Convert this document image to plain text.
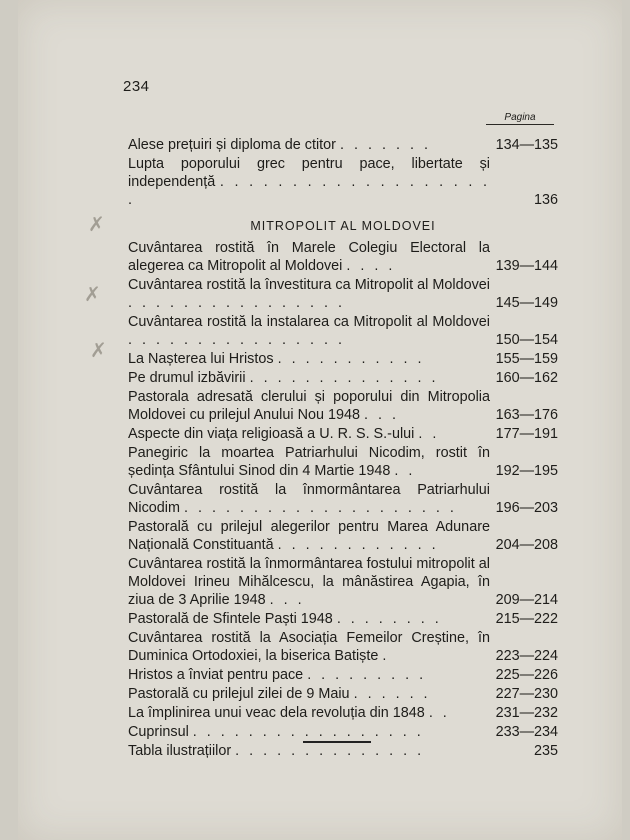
234
Pagina
✗
✗
✗
Alese prețuiri și diploma de ctitor . . . . . . .	134—135
Lupta poporului grec pentru pace, libertate și independență . . . . . . . . . . . . . . . . . . . .	136
MITROPOLIT AL MOLDOVEI
Cuvântarea rostită în Marele Colegiu Electoral la alegerea ca Mitropolit al Moldovei . . . .	139—144
Cuvântarea rostită la învestitura ca Mitropolit al Moldovei . . . . . . . . . . . . . . . .	145—149
Cuvântarea rostită la instalarea ca Mitropolit al Moldovei . . . . . . . . . . . . . . . .	150—154
La Nașterea lui Hristos . . . . . . . . . . .	155—159
Pe drumul izbăvirii . . . . . . . . . . . . . .	160—162
Pastorala adresată clerului și poporului din Mitropolia Moldovei cu prilejul Anului Nou 1948 . . .	163—176
Aspecte din viața religioasă a U. R. S. S.-ului . .	177—191
Panegiric la moartea Patriarhului Nicodim, rostit în ședința Sfântului Sinod din 4 Martie 1948 . .	192—195
Cuvântarea rostită la înmormântarea Patriarhului Nicodim . . . . . . . . . . . . . . . . . . . .	196—203
Pastorală cu prilejul alegerilor pentru Marea Adunare Națională Constituantă . . . . . . . . . . . .	204—208
Cuvântarea rostită la înmormântarea fostului mitropolit al Moldovei Irineu Mihălcescu, la mânăstirea Agapia, în ziua de 3 Aprilie 1948 . . .	209—214
Pastorală de Sfintele Paști 1948 . . . . . . . .	215—222
Cuvântarea rostită la Asociația Femeilor Creștine, în Duminica Ortodoxiei, la biserica Batiște .	223—224
Hristos a înviat pentru pace . . . . . . . . .	225—226
Pastorală cu prilejul zilei de 9 Maiu . . . . . .	227—230
La împlinirea unui veac dela revoluția din 1848 . .	231—232
Cuprinsul . . . . . . . . . . . . . . . . .	233—234
Tabla ilustrațiilor . . . . . . . . . . . . . .	235
